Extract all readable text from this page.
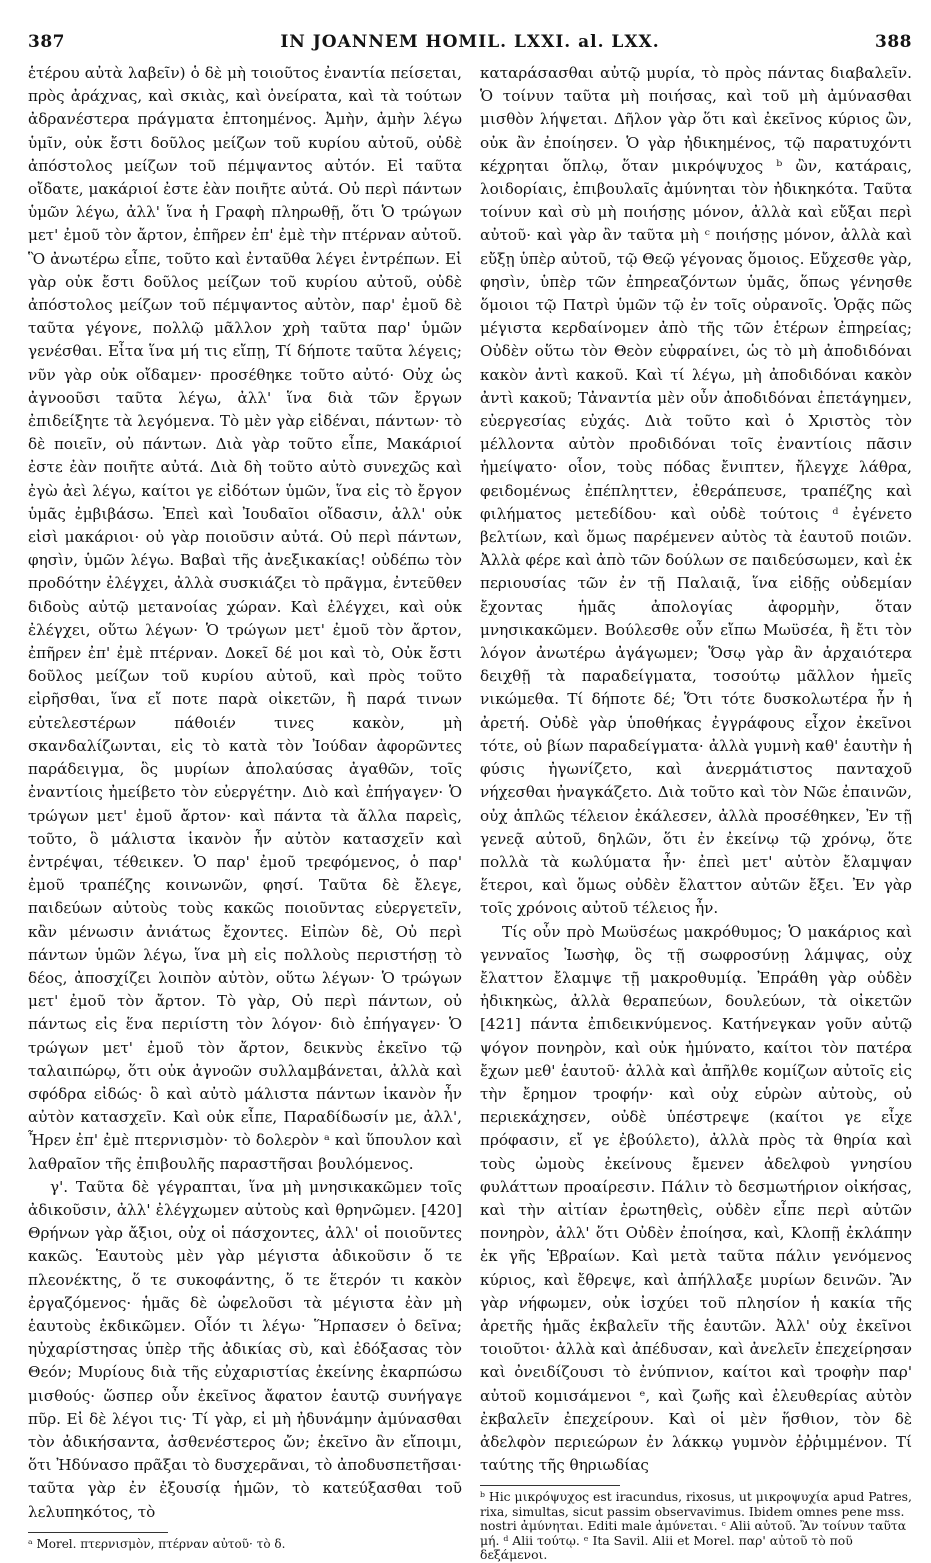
387	IN JOANNEM HOMIL. LXXI. al. LXX.	388

ἑτέρου αὐτὰ λαβεῖν) ὁ δὲ μὴ τοιοῦτος ἐναντία πείσεται, πρὸς ἀράχνας, καὶ σκιὰς, καὶ ὀνείρατα, καὶ τὰ τούτων ἀδρανέστερα πράγματα ἐπτοημένος. Ἀμὴν, ἀμὴν λέγω ὑμῖν, οὐκ ἔστι δοῦλος μείζων τοῦ κυρίου αὐτοῦ, οὐδὲ ἀπόστολος μείζων τοῦ πέμψαντος αὐτόν. Εἰ ταῦτα οἴδατε, μακάριοί ἐστε ἐὰν ποιῆτε αὐτά. Οὐ περὶ πάντων ὑμῶν λέγω, ἀλλ' ἵνα ἡ Γραφὴ πληρωθῇ, ὅτι Ὁ τρώγων μετ' ἐμοῦ τὸν ἄρτον, ἐπῆρεν ἐπ' ἐμὲ τὴν πτέρναν αὐτοῦ. Ὃ ἀνωτέρω εἶπε, τοῦτο καὶ ἐνταῦθα λέγει ἐντρέπων. Εἰ γὰρ οὐκ ἔστι δοῦλος μείζων τοῦ κυρίου αὐτοῦ, οὐδὲ ἀπόστολος μείζων τοῦ πέμψαντος αὐτὸν, παρ' ἐμοῦ δὲ ταῦτα γέγονε, πολλῷ μᾶλλον χρὴ ταῦτα παρ' ὑμῶν γενέσθαι. Εἶτα ἵνα μή τις εἴπῃ, Τί δήποτε ταῦτα λέγεις; νῦν γὰρ οὐκ οἴδαμεν· προσέθηκε τοῦτο αὐτό· Οὐχ ὡς ἀγνοοῦσι ταῦτα λέγω, ἀλλ' ἵνα διὰ τῶν ἔργων ἐπιδείξητε τὰ λεγόμενα. Τὸ μὲν γὰρ εἰδέναι, πάντων· τὸ δὲ ποιεῖν, οὐ πάντων. Διὰ γὰρ τοῦτο εἶπε, Μακάριοί ἐστε ἐὰν ποιῆτε αὐτά. Διὰ δὴ τοῦτο αὐτὸ συνεχῶς καὶ ἐγὼ ἀεὶ λέγω, καίτοι γε εἰδότων ὑμῶν, ἵνα εἰς τὸ ἔργον ὑμᾶς ἐμβιβάσω. Ἐπεὶ καὶ Ἰουδαῖοι οἴδασιν, ἀλλ' οὐκ εἰσὶ μακάριοι· οὐ γὰρ ποιοῦσιν αὐτά. Οὐ περὶ πάντων, φησὶν, ὑμῶν λέγω. Βαβαὶ τῆς ἀνεξικακίας! οὐδέπω τὸν προδότην ἐλέγχει, ἀλλὰ συσκιάζει τὸ πρᾶγμα, ἐντεῦθεν διδοὺς αὐτῷ μετανοίας χώραν. Καὶ ἐλέγχει, καὶ οὐκ ἐλέγχει, οὕτω λέγων· Ὁ τρώγων μετ' ἐμοῦ τὸν ἄρτον, ἐπῆρεν ἐπ' ἐμὲ πτέρναν. Δοκεῖ δέ μοι καὶ τὸ, Οὐκ ἔστι δοῦλος μείζων τοῦ κυρίου αὐτοῦ, καὶ πρὸς τοῦτο εἰρῆσθαι, ἵνα εἴ ποτε παρὰ οἰκετῶν, ἢ παρά τινων εὐτελεστέρων πάθοιέν τινες κακὸν, μὴ σκανδαλίζωνται, εἰς τὸ κατὰ τὸν Ἰούδαν ἀφορῶντες παράδειγμα, ὃς μυρίων ἀπολαύσας ἀγαθῶν, τοῖς ἐναντίοις ἠμείβετο τὸν εὐεργέτην. Διὸ καὶ ἐπήγαγεν· Ὁ τρώγων μετ' ἐμοῦ ἄρτον· καὶ πάντα τὰ ἄλλα παρεὶς, τοῦτο, ὃ μάλιστα ἱκανὸν ἦν αὐτὸν κατασχεῖν καὶ ἐντρέψαι, τέθεικεν. Ὁ παρ' ἐμοῦ τρεφόμενος, ὁ παρ' ἐμοῦ τραπέζης κοινωνῶν, φησί. Ταῦτα δὲ ἔλεγε, παιδεύων αὐτοὺς τοὺς κακῶς ποιοῦντας εὐεργετεῖν, κἂν μένωσιν ἀνιάτως ἔχοντες. Εἰπὼν δὲ, Οὐ περὶ πάντων ὑμῶν λέγω, ἵνα μὴ εἰς πολλοὺς περιστήσῃ τὸ δέος, ἀποσχίζει λοιπὸν αὐτὸν, οὕτω λέγων· Ὁ τρώγων μετ' ἐμοῦ τὸν ἄρτον. Τὸ γὰρ, Οὐ περὶ πάντων, οὐ πάντως εἰς ἕνα περιίστη τὸν λόγον· διὸ ἐπήγαγεν· Ὁ τρώγων μετ' ἐμοῦ τὸν ἄρτον, δεικνὺς ἐκεῖνο τῷ ταλαιπώρῳ, ὅτι οὐκ ἀγνοῶν συλλαμβάνεται, ἀλλὰ καὶ σφόδρα εἰδώς· ὃ καὶ αὐτὸ μάλιστα πάντων ἱκανὸν ἦν αὐτὸν κατασχεῖν. Καὶ οὐκ εἶπε, Παραδίδωσίν με, ἀλλ', Ἦρεν ἐπ' ἐμὲ πτερνισμὸν· τὸ δολερὸν ᵃ καὶ ὕπουλον καὶ λαθραῖον τῆς ἐπιβουλῆς παραστῆσαι βουλόμενος.

γ'. Ταῦτα δὲ γέγραπται, ἵνα μὴ μνησικακῶμεν τοῖς ἀδικοῦσιν, ἀλλ' ἐλέγχωμεν αὐτοὺς καὶ θρηνῶμεν. [420] Θρήνων γὰρ ἄξιοι, οὐχ οἱ πάσχοντες, ἀλλ' οἱ ποιοῦντες κακῶς. Ἑαυτοὺς μὲν γὰρ μέγιστα ἀδικοῦσιν ὅ τε πλεονέκτης, ὅ τε συκοφάντης, ὅ τε ἕτερόν τι κακὸν ἐργαζόμενος· ἡμᾶς δὲ ὠφελοῦσι τὰ μέγιστα ἐὰν μὴ ἑαυτοὺς ἐκδικῶμεν. Οἷόν τι λέγω· Ἥρπασεν ὁ δεῖνα; ηὐχαρίστησας ὑπὲρ τῆς ἀδικίας σὺ, καὶ ἐδόξασας τὸν Θεόν; Μυρίους διὰ τῆς εὐχαριστίας ἐκείνης ἐκαρπώσω μισθούς· ὥσπερ οὖν ἐκεῖνος ἄφατον ἑαυτῷ συνήγαγε πῦρ. Εἰ δὲ λέγοι τις· Τί γὰρ, εἰ μὴ ἠδυνάμην ἀμύνασθαι τὸν ἀδικήσαντα, ἀσθενέστερος ὤν; ἐκεῖνο ἂν εἴποιμι, ὅτι Ἠδύνασο πρᾶξαι τὸ δυσχερᾶναι, τὸ ἀποδυσπετῆσαι· ταῦτα γὰρ ἐν ἐξουσίᾳ ἡμῶν, τὸ κατεύξασθαι τοῦ λελυπηκότος, τὸ

ᵃ Morel. πτερνισμὸν, πτέρναν αὐτοῦ· τὸ δ.

καταράσασθαι αὐτῷ μυρία, τὸ πρὸς πάντας διαβαλεῖν. Ὁ τοίνυν ταῦτα μὴ ποιήσας, καὶ τοῦ μὴ ἀμύνασθαι μισθὸν λήψεται. Δῆλον γὰρ ὅτι καὶ ἐκεῖνος κύριος ὢν, οὐκ ἂν ἐποίησεν. Ὁ γὰρ ἠδικημένος, τῷ παρατυχόντι κέχρηται ὅπλῳ, ὅταν μικρόψυχος ᵇ ὢν, κατάραις, λοιδορίαις, ἐπιβουλαῖς ἀμύνηται τὸν ἠδικηκότα. Ταῦτα τοίνυν καὶ σὺ μὴ ποιήσῃς μόνον, ἀλλὰ καὶ εὔξαι περὶ αὐτοῦ· καὶ γὰρ ἂν ταῦτα μὴ ᶜ ποιήσῃς μόνον, ἀλλὰ καὶ εὔξῃ ὑπὲρ αὐτοῦ, τῷ Θεῷ γέγονας ὅμοιος. Εὔχεσθε γὰρ, φησὶν, ὑπὲρ τῶν ἐπηρεαζόντων ὑμᾶς, ὅπως γένησθε ὅμοιοι τῷ Πατρὶ ὑμῶν τῷ ἐν τοῖς οὐρανοῖς. Ὁρᾷς πῶς μέγιστα κερδαίνομεν ἀπὸ τῆς τῶν ἑτέρων ἐπηρείας; Οὐδὲν οὕτω τὸν Θεὸν εὐφραίνει, ὡς τὸ μὴ ἀποδιδόναι κακὸν ἀντὶ κακοῦ. Καὶ τί λέγω, μὴ ἀποδιδόναι κακὸν ἀντὶ κακοῦ; Τἀναντία μὲν οὖν ἀποδιδόναι ἐπετάγημεν, εὐεργεσίας εὐχάς. Διὰ τοῦτο καὶ ὁ Χριστὸς τὸν μέλλοντα αὐτὸν προδιδόναι τοῖς ἐναντίοις πᾶσιν ἠμείψατο· οἷον, τοὺς πόδας ἔνιπτεν, ἤλεγχε λάθρα, φειδομένως ἐπέπληττεν, ἐθεράπευσε, τραπέζης καὶ φιλήματος μετεδίδου· καὶ οὐδὲ τούτοις ᵈ ἐγένετο βελτίων, καὶ ὅμως παρέμενεν αὐτὸς τὰ ἑαυτοῦ ποιῶν. Ἀλλὰ φέρε καὶ ἀπὸ τῶν δούλων σε παιδεύσωμεν, καὶ ἐκ περιουσίας τῶν ἐν τῇ Παλαιᾷ, ἵνα εἰδῇς οὐδεμίαν ἔχοντας ἡμᾶς ἀπολογίας ἀφορμὴν, ὅταν μνησικακῶμεν. Βούλεσθε οὖν εἴπω Μωϋσέα, ἢ ἔτι τὸν λόγον ἀνωτέρω ἀγάγωμεν; Ὅσῳ γὰρ ἂν ἀρχαιότερα δειχθῇ τὰ παραδείγματα, τοσούτῳ μᾶλλον ἡμεῖς νικώμεθα. Τί δήποτε δέ; Ὅτι τότε δυσκολωτέρα ἦν ἡ ἀρετή. Οὐδὲ γὰρ ὑποθήκας ἐγγράφους εἶχον ἐκεῖνοι τότε, οὐ βίων παραδείγματα· ἀλλὰ γυμνὴ καθ' ἑαυτὴν ἡ φύσις ἠγωνίζετο, καὶ ἀνερμάτιστος πανταχοῦ νήχεσθαι ἠναγκάζετο. Διὰ τοῦτο καὶ τὸν Νῶε ἐπαινῶν, οὐχ ἁπλῶς τέλειον ἐκάλεσεν, ἀλλὰ προσέθηκεν, Ἐν τῇ γενεᾷ αὐτοῦ, δηλῶν, ὅτι ἐν ἐκείνῳ τῷ χρόνῳ, ὅτε πολλὰ τὰ κωλύματα ἦν· ἐπεὶ μετ' αὐτὸν ἔλαμψαν ἕτεροι, καὶ ὅμως οὐδὲν ἔλαττον αὐτῶν ἔξει. Ἐν γὰρ τοῖς χρόνοις αὐτοῦ τέλειος ἦν.

Τίς οὖν πρὸ Μωϋσέως μακρόθυμος; Ὁ μακάριος καὶ γενναῖος Ἰωσὴφ, ὃς τῇ σωφροσύνῃ λάμψας, οὐχ ἔλαττον ἔλαμψε τῇ μακροθυμίᾳ. Ἐπράθη γὰρ οὐδὲν ἠδικηκὼς, ἀλλὰ θεραπεύων, δουλεύων, τὰ οἰκετῶν [421] πάντα ἐπιδεικνύμενος. Κατήνεγκαν γοῦν αὐτῷ ψόγον πονηρὸν, καὶ οὐκ ἠμύνατο, καίτοι τὸν πατέρα ἔχων μεθ' ἑαυτοῦ· ἀλλὰ καὶ ἀπῆλθε κομίζων αὐτοῖς εἰς τὴν ἔρημον τροφήν· καὶ οὐχ εὑρὼν αὐτοὺς, οὐ περιεκάχησεν, οὐδὲ ὑπέστρεψε (καίτοι γε εἶχε πρόφασιν, εἴ γε ἐβούλετο), ἀλλὰ πρὸς τὰ θηρία καὶ τοὺς ὠμοὺς ἐκείνους ἔμενεν ἀδελφοὺ γνησίου φυλάττων προαίρεσιν. Πάλιν τὸ δεσμωτήριον οἰκήσας, καὶ τὴν αἰτίαν ἐρωτηθεὶς, οὐδὲν εἶπε περὶ αὐτῶν πονηρὸν, ἀλλ' ὅτι Οὐδὲν ἐποίησα, καὶ, Κλοπῇ ἐκλάπην ἐκ γῆς Ἑβραίων. Καὶ μετὰ ταῦτα πάλιν γενόμενος κύριος, καὶ ἔθρεψε, καὶ ἀπήλλαξε μυρίων δεινῶν. Ἂν γὰρ νήφωμεν, οὐκ ἰσχύει τοῦ πλησίον ἡ κακία τῆς ἀρετῆς ἡμᾶς ἐκβαλεῖν τῆς ἑαυτῶν. Ἀλλ' οὐχ ἐκεῖνοι τοιοῦτοι· ἀλλὰ καὶ ἀπέδυσαν, καὶ ἀνελεῖν ἐπεχείρησαν καὶ ὀνειδίζουσι τὸ ἐνύπνιον, καίτοι καὶ τροφὴν παρ' αὐτοῦ κομισάμενοι ᵉ, καὶ ζωῆς καὶ ἐλευθερίας αὐτὸν ἐκβαλεῖν ἐπεχείρουν. Καὶ οἱ μὲν ἥσθιον, τὸν δὲ ἀδελφὸν περιεώρων ἐν λάκκῳ γυμνὸν ἐῤῥιμμένον. Τί ταύτης τῆς θηριωδίας

ᵇ Hic μικρόψυχος est iracundus, rixosus, ut μικροψυχία apud Patres, rixa, simultas, sicut passim observavimus. Ibidem omnes pene mss. nostri ἀμύνηται. Editi male ἀμύνεται. ᶜ Alii αὐτοῦ. Ἂν τοίνυν ταῦτα μή. ᵈ Alii τούτῳ. ᵉ Ita Savil. Alii et Morel. παρ' αὐτοῦ τὸ ποῦ δεξάμενοι.
